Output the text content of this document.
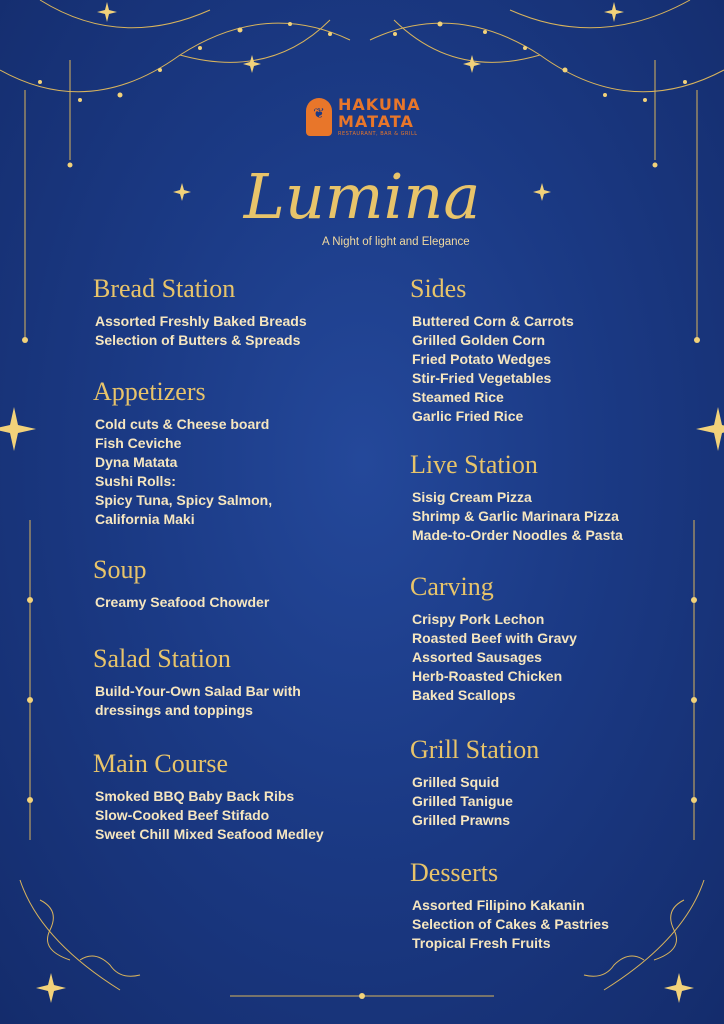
❦ HAKUNA
MATATA
RESTAURANT, BAR & GRILL
Lumina
A Night of light and Elegance
Bread Station
Assorted Freshly Baked Breads
Selection of Butters & Spreads
Appetizers
Cold cuts & Cheese board
Fish Ceviche
Dyna Matata
Sushi Rolls:
Spicy Tuna, Spicy Salmon,
California Maki
Soup
Creamy Seafood Chowder
Salad Station
Build-Your-Own Salad Bar with
dressings and toppings
Main Course
Smoked BBQ Baby Back Ribs
Slow-Cooked Beef Stifado
Sweet Chill Mixed Seafood Medley
Sides
Buttered Corn & Carrots
Grilled Golden Corn
Fried Potato Wedges
Stir-Fried Vegetables
Steamed Rice
Garlic Fried Rice
Live Station
Sisig Cream Pizza
Shrimp & Garlic Marinara Pizza
Made-to-Order Noodles & Pasta
Carving
Crispy Pork Lechon
Roasted Beef with Gravy
Assorted Sausages
Herb-Roasted Chicken
Baked Scallops
Grill Station
Grilled Squid
Grilled Tanigue
Grilled Prawns
Desserts
Assorted Filipino Kakanin
Selection of Cakes & Pastries
Tropical Fresh Fruits
